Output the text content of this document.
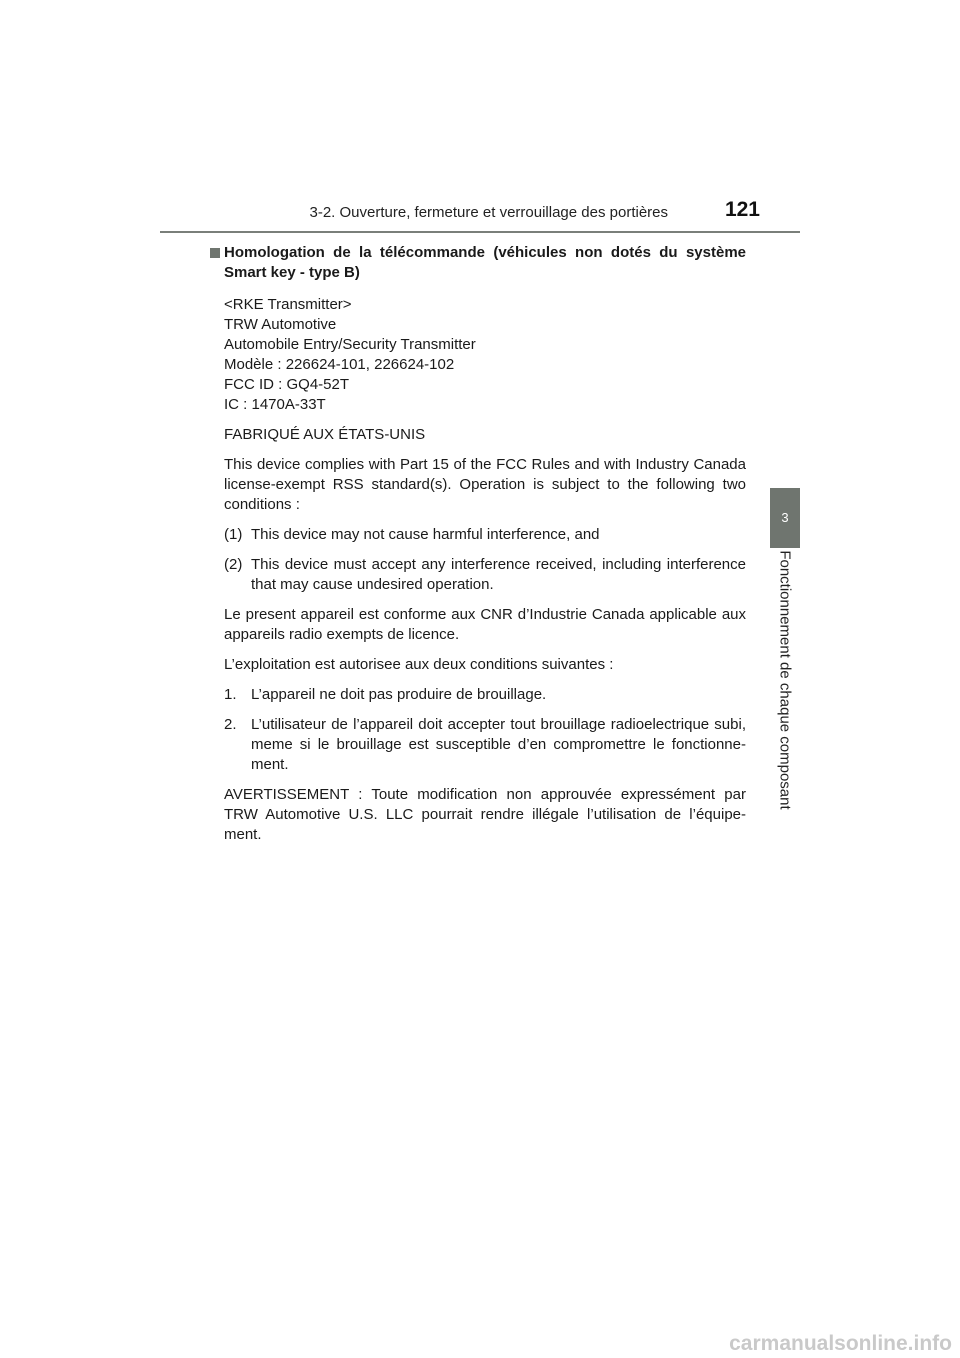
3-2. Ouverture, fermeture et verrouillage des portières	121
3
Fonctionnement de chaque composant
Homologation de la télécommande (véhicules non dotés du système Smart key - type B)
<RKE Transmitter>
TRW Automotive
Automobile Entry/Security Transmitter
Modèle : 226624-101, 226624-102
FCC ID : GQ4-52T
IC : 1470A-33T

FABRIQUÉ AUX ÉTATS-UNIS

This device complies with Part 15 of the FCC Rules and with Industry Canada license-exempt RSS standard(s). Operation is subject to the following two conditions :

(1) This device may not cause harmful interference, and
(2) This device must accept any interference received, including interference that may cause undesired operation.

Le present appareil est conforme aux CNR d’Industrie Canada applicable aux appareils radio exempts de licence.

L’exploitation est autorisee aux deux conditions suivantes :

1. L’appareil ne doit pas produire de brouillage.
2. L’utilisateur de l’appareil doit accepter tout brouillage radioelectrique subi, meme si le brouillage est susceptible d’en compromettre le fonctionne-ment.

AVERTISSEMENT : Toute modification non approuvée expressément par TRW Automotive U.S. LLC pourrait rendre illégale l’utilisation de l’équipe-ment.

carmanualsonline.info
